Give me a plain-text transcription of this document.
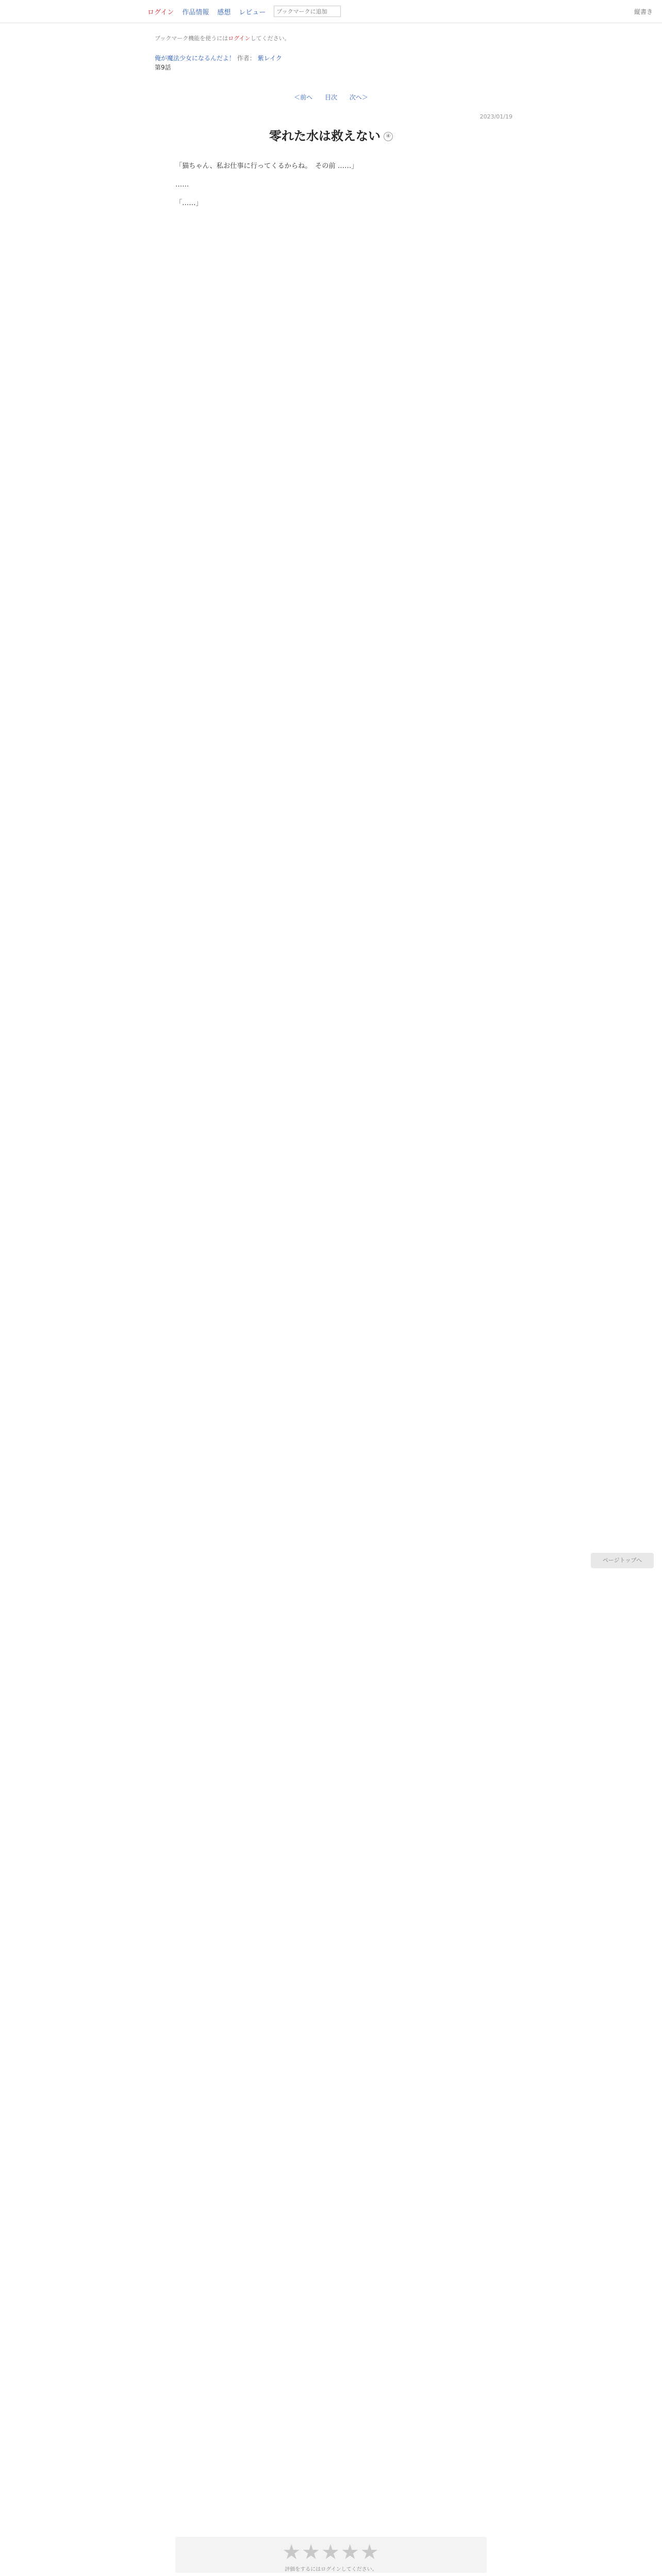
ログイン 作品情報 感想 レビュー
ブックマークに追加	縦書き
ブックマーク機能を使うにはログインしてください。
俺が魔法少女になるんだよ！ 作者： 紫レイク
第9話
＜前へ 目次 次へ＞
2023/01/19
零れた水は救えない ④

「猫ちゃん、私お仕事に行ってくるからね。　その前 ……」

……

「……」
ページトップへ
★★★★★
評価をするにはログインしてください。
